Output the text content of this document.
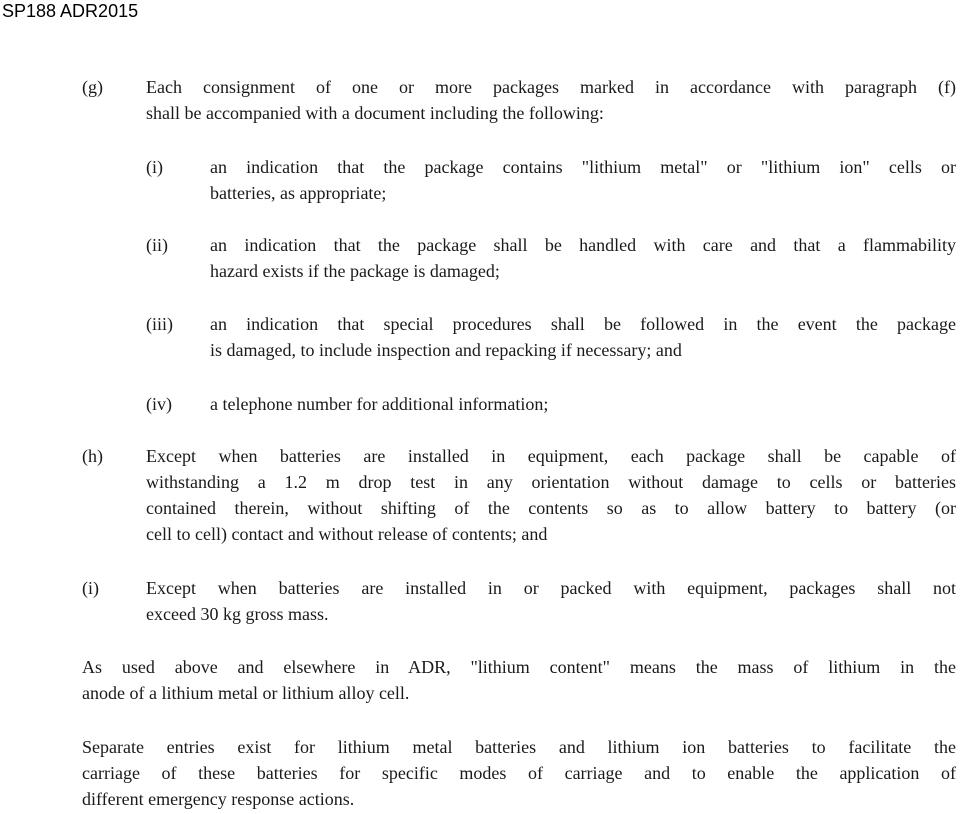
SP188 ADR2015
(g) Each consignment of one or more packages marked in accordance with paragraph (f)
shall be accompanied with a document including the following:
(i)	an indication that the package contains "lithium metal" or "lithium ion" cells or
batteries, as appropriate;
(ii) an indication that the package shall be handled with care and that a flammability
hazard exists if the package is damaged;
(iii) an indication that special procedures shall be followed in the event the package
is damaged, to include inspection and repacking if necessary; and
(iv) a telephone number for additional information;
(h) Except when batteries are installed in equipment, each package shall be capable of
withstanding a 1.2 m drop test in any orientation without damage to cells or batteries
contained therein, without shifting of the contents so as to allow battery to battery (or
cell to cell) contact and without release of contents; and
(i)	Except when batteries are installed in or packed with equipment, packages shall not
exceed 30 kg gross mass.
As used above and elsewhere in ADR, "lithium content" means the mass of lithium in the
anode of a lithium metal or lithium alloy cell.
Separate entries exist for lithium metal batteries and lithium ion batteries to facilitate the
carriage of these batteries for specific modes of carriage and to enable the application of
different emergency response actions.
